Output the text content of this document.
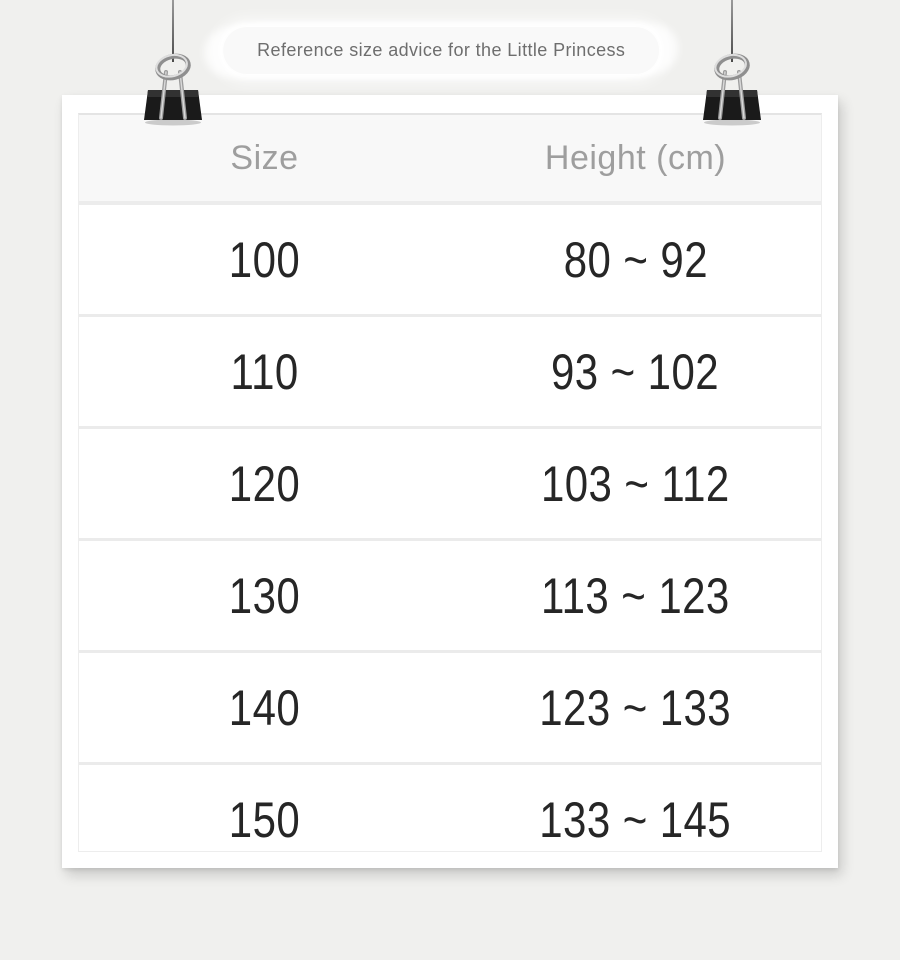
Reference size advice for the Little Princess
Size	Height (cm)
100	80 ~ 92
110	93 ~ 102
120	103 ~ 112
130	113 ~ 123
140	123 ~ 133
150	133 ~ 145
